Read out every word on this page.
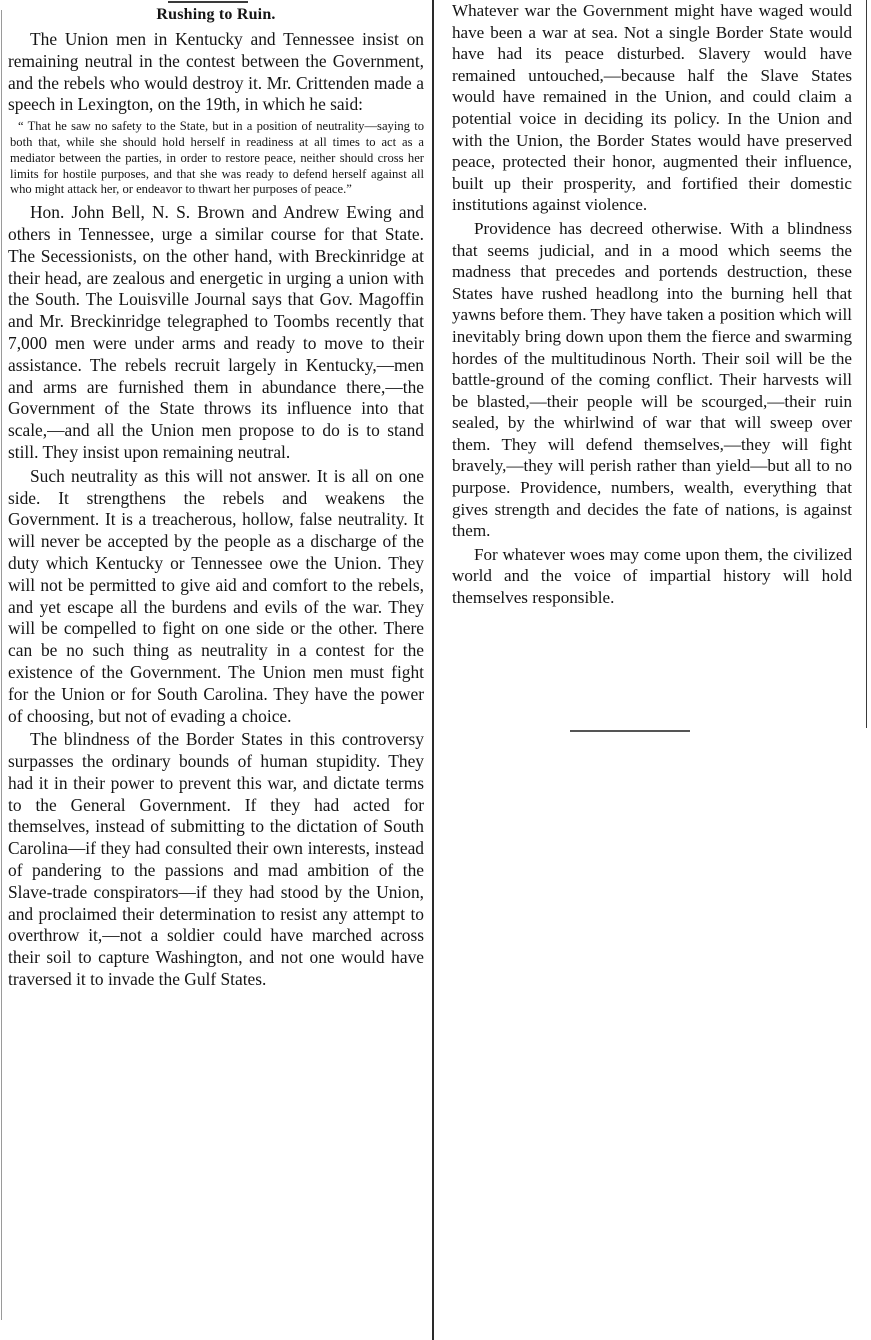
Rushing to Ruin.

The Union men in Kentucky and Tennessee insist on remaining neutral in the contest between the Government, and the rebels who would destroy it. Mr. Crittenden made a speech in Lexington, on the 19th, in which he said:

“ That he saw no safety to the State, but in a position of neutrality—saying to both that, while she should hold herself in readiness at all times to act as a mediator between the parties, in order to restore peace, neither should cross her limits for hostile purposes, and that she was ready to defend herself against all who might attack her, or endeavor to thwart her purposes of peace.”

Hon. John Bell, N. S. Brown and Andrew Ewing and others in Tennessee, urge a similar course for that State. The Secessionists, on the other hand, with Breckinridge at their head, are zealous and energetic in urging a union with the South. The Louisville Journal says that Gov. Magoffin and Mr. Breckinridge telegraphed to Toombs recently that 7,000 men were under arms and ready to move to their assistance. The rebels recruit largely in Kentucky,—men and arms are furnished them in abundance there,—the Government of the State throws its influence into that scale,—and all the Union men propose to do is to stand still. They insist upon remaining neutral.

Such neutrality as this will not answer. It is all on one side. It strengthens the rebels and weakens the Government. It is a treacherous, hollow, false neutrality. It will never be accepted by the people as a discharge of the duty which Kentucky or Tennessee owe the Union. They will not be permitted to give aid and comfort to the rebels, and yet escape all the burdens and evils of the war. They will be compelled to fight on one side or the other. There can be no such thing as neutrality in a contest for the existence of the Government. The Union men must fight for the Union or for South Carolina. They have the power of choosing, but not of evading a choice.

The blindness of the Border States in this controversy surpasses the ordinary bounds of human stupidity. They had it in their power to prevent this war, and dictate terms to the General Government. If they had acted for themselves, instead of submitting to the dictation of South Carolina—if they had consulted their own interests, instead of pandering to the passions and mad ambition of the Slave-trade conspirators—if they had stood by the Union, and proclaimed their determination to resist any attempt to overthrow it,—not a soldier could have marched across their soil to capture Washington, and not one would have traversed it to invade the Gulf States.

Whatever war the Government might have waged would have been a war at sea. Not a single Border State would have had its peace disturbed. Slavery would have remained untouched,—because half the Slave States would have remained in the Union, and could claim a potential voice in deciding its policy. In the Union and with the Union, the Border States would have preserved peace, protected their honor, augmented their influence, built up their prosperity, and fortified their domestic institutions against violence.

Providence has decreed otherwise. With a blindness that seems judicial, and in a mood which seems the madness that precedes and portends destruction, these States have rushed headlong into the burning hell that yawns before them. They have taken a position which will inevitably bring down upon them the fierce and swarming hordes of the multitudinous North. Their soil will be the battle-ground of the coming conflict. Their harvests will be blasted,—their people will be scourged,—their ruin sealed, by the whirlwind of war that will sweep over them. They will defend themselves,—they will fight bravely,—they will perish rather than yield—but all to no purpose. Providence, numbers, wealth, everything that gives strength and decides the fate of nations, is against them.

For whatever woes may come upon them, the civilized world and the voice of impartial history will hold themselves responsible.
